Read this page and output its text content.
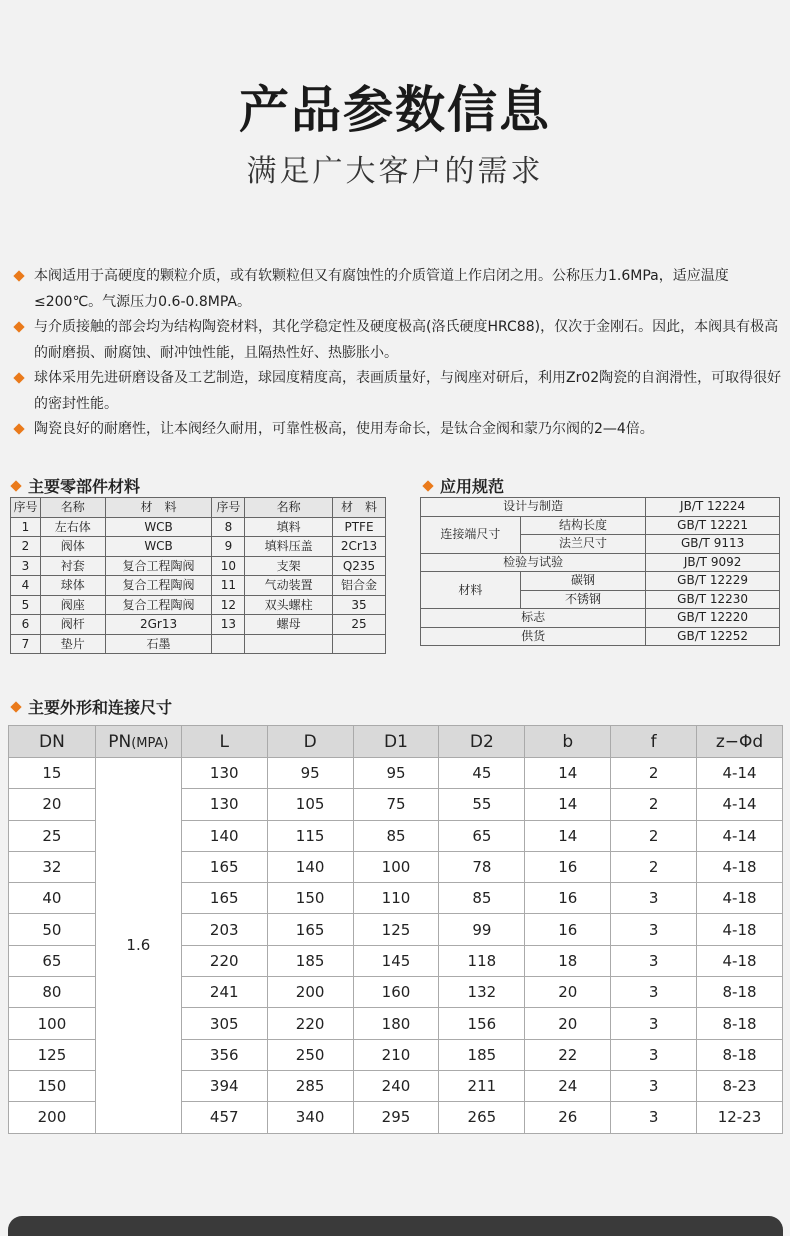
产品参数信息
满足广大客户的需求

本阀适用于高硬度的颗粒介质，或有软颗粒但又有腐蚀性的介质管道上作启闭之用。公称压力1.6MPa，适应温度≤200℃。气源压力0.6-0.8MPA。

与介质接触的部会均为结构陶瓷材料，其化学稳定性及硬度极高(洛氏硬度HRC88)，仅次于金刚石。因此，本阀具有极高的耐磨损、耐腐蚀、耐冲蚀性能，且隔热性好、热膨胀小。

球体采用先进研磨设备及工艺制造，球园度精度高，表画质量好，与阀座对研后，利用Zr02陶瓷的自润滑性，可取得很好的密封性能。

陶瓷良好的耐磨性，让本阀经久耐用，可靠性极高，使用寿命长，是钛合金阀和蒙乃尔阀的2—4倍。

主要零部件材料
序号	名称	材　料	序号	名称	材　料
1	左右体	WCB	8	填料	PTFE
2	阀体	WCB	9	填料压盖	2Cr13
3	衬套	复合工程陶阀	10	支架	Q235
4	球体	复合工程陶阀	11	气动装置	铝合金
5	阀座	复合工程陶阀	12	双头螺柱	35
6	阀杆	2Gr13	13	螺母	25
7	垫片	石墨			
应用规范
设计与制造		JB/T 12224
连接端尺寸	结构长度	GB/T 12221
	法兰尺寸	GB/T 9113
检验与试验		JB/T 9092
材料	碳钢	GB/T 12229
	不锈钢	GB/T 12230
标志		GB/T 12220
供货		GB/T 12252
主要外形和连接尺寸
DN	PN(MPA)	L	D	D1	D2	b	f	z−Φd
15	1.6	130	95	95	45	14	2	4-14
20		130	105	75	55	14	2	4-14
25		140	115	85	65	14	2	4-14
32		165	140	100	78	16	2	4-18
40		165	150	110	85	16	3	4-18
50		203	165	125	99	16	3	4-18
65		220	185	145	118	18	3	4-18
80		241	200	160	132	20	3	8-18
100		305	220	180	156	20	3	8-18
125		356	250	210	185	22	3	8-18
150		394	285	240	211	24	3	8-23
200		457	340	295	265	26	3	12-23
